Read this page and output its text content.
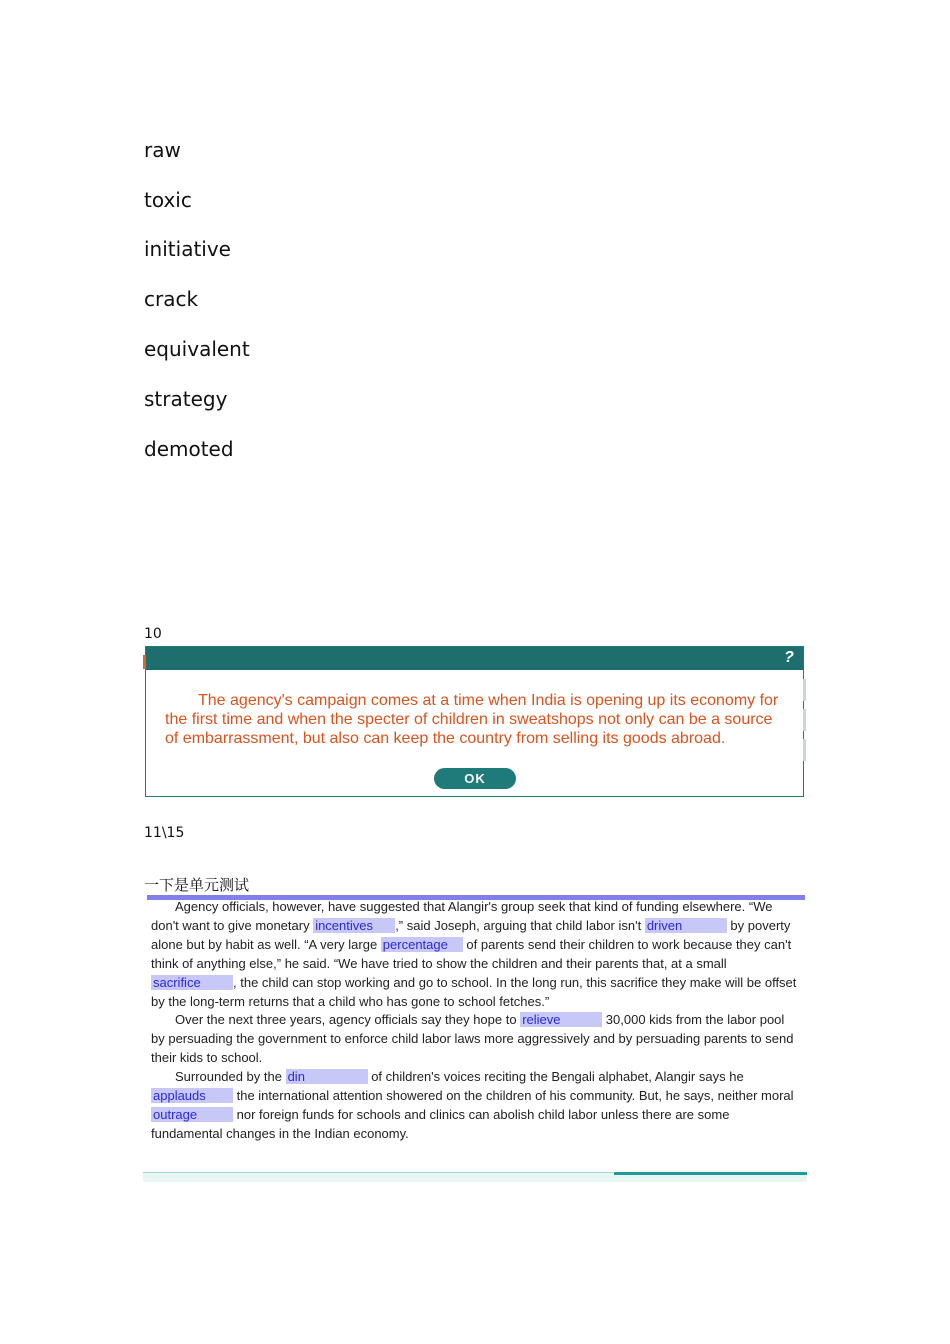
raw
toxic
initiative
crack
equivalent
strategy
demoted
10
?
The agency's campaign comes at a time when India is opening up its economy for the first time and when the specter of children in sweatshops not only can be a source of embarrassment, but also can keep the country from selling its goods abroad.
OK
11\15
一下是单元测试

Agency officials, however, have suggested that Alangir's group seek that kind of funding elsewhere. “We don't want to give monetary incentives ,” said Joseph, arguing that child labor isn't driven	by poverty alone but by habit as well. “A very large percentage of parents send their children to work because they can't think of anything else,” he said. “We have tried to show the children and their parents that, at a small sacrifice , the child can stop working and go to school. In the long run, this sacrifice they make will be offset by the long-term returns that a child who has gone to school fetches.”

Over the next three years, agency officials say they hope to relieve	30,000 kids from the labor pool by persuading the government to enforce child labor laws more aggressively and by persuading parents to send their kids to school.

Surrounded by the din	of children's voices reciting the Bengali alphabet, Alangir says he applauds the international attention showered on the children of his community. But, he says, neither moral outrage	nor foreign funds for schools and clinics can abolish child labor unless there are some fundamental changes in the Indian economy.
